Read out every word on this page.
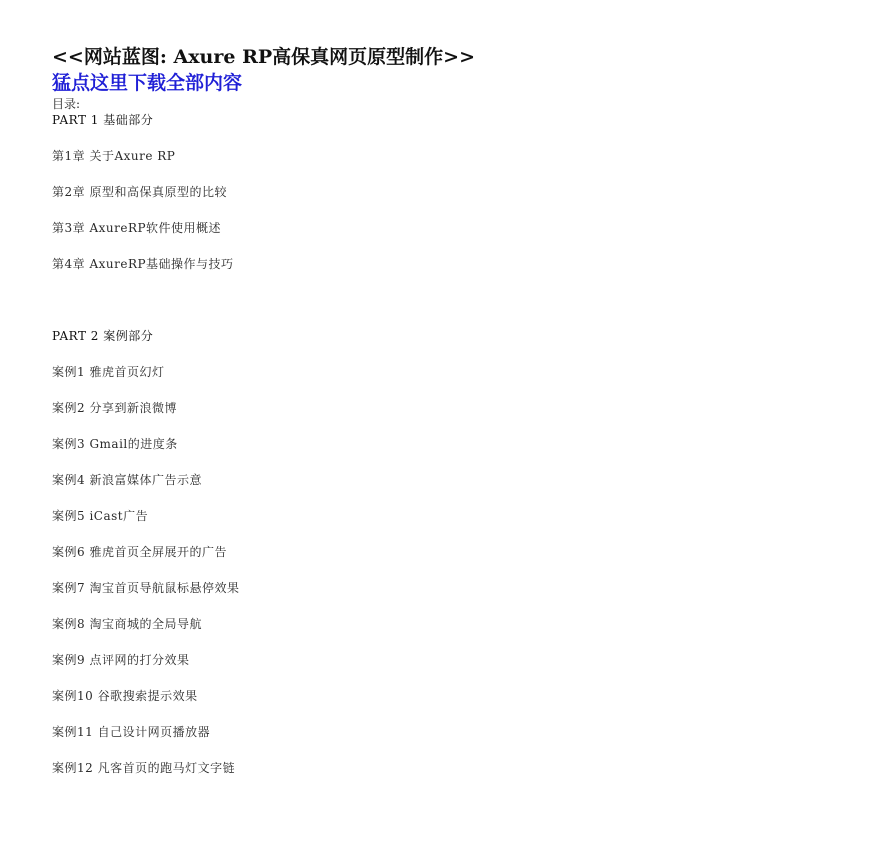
<<网站蓝图: Axure RP高保真网页原型制作>>
猛点这里下载全部内容

目录:

PART 1 基础部分
第1章 关于Axure RP
第2章 原型和高保真原型的比较
第3章 AxureRP软件使用概述
第4章 AxureRP基础操作与技巧
PART 2 案例部分
案例1 雅虎首页幻灯
案例2 分享到新浪微博
案例3 Gmail的进度条
案例4 新浪富媒体广告示意
案例5 iCast广告
案例6 雅虎首页全屏展开的广告
案例7 淘宝首页导航鼠标悬停效果
案例8 淘宝商城的全局导航
案例9 点评网的打分效果
案例10 谷歌搜索提示效果
案例11 自己设计网页播放器
案例12 凡客首页的跑马灯文字链
